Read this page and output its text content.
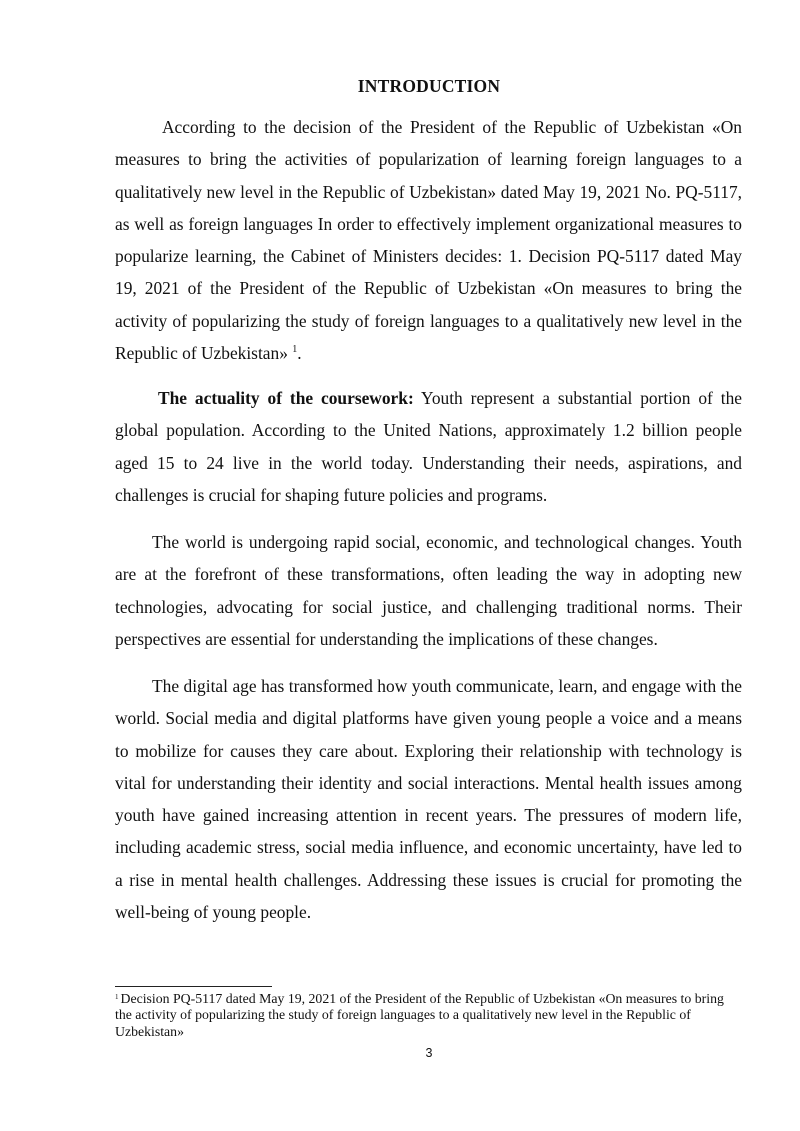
INTRODUCTION

According to the decision of the President of the Republic of Uzbekistan «On measures to bring the activities of popularization of learning foreign languages to a qualitatively new level in the Republic of Uzbekistan» dated May 19, 2021 No. PQ-5117, as well as foreign languages In order to effectively implement organizational measures to popularize learning, the Cabinet of Ministers decides: 1. Decision PQ-5117 dated May 19, 2021 of the President of the Republic of Uzbekistan «On measures to bring the activity of popularizing the study of foreign languages to a qualitatively new level in the Republic of Uzbekistan» $^1$.

The actuality of the coursework: Youth represent a substantial portion of the global population. According to the United Nations, approximately 1.2 billion people aged 15 to 24 live in the world today. Understanding their needs, aspirations, and challenges is crucial for shaping future policies and programs.

The world is undergoing rapid social, economic, and technological changes. Youth are at the forefront of these transformations, often leading the way in adopting new technologies, advocating for social justice, and challenging traditional norms. Their perspectives are essential for understanding the implications of these changes.

The digital age has transformed how youth communicate, learn, and engage with the world. Social media and digital platforms have given young people a voice and a means to mobilize for causes they care about. Exploring their relationship with technology is vital for understanding their identity and social interactions. Mental health issues among youth have gained increasing attention in recent years. The pressures of modern life, including academic stress, social media influence, and economic uncertainty, have led to a rise in mental health challenges. Addressing these issues is crucial for promoting the well-being of young people.

$^1$ Decision PQ-5117 dated May 19, 2021 of the President of the Republic of Uzbekistan «On measures to bring the activity of popularizing the study of foreign languages to a qualitatively new level in the Republic of Uzbekistan»
3
